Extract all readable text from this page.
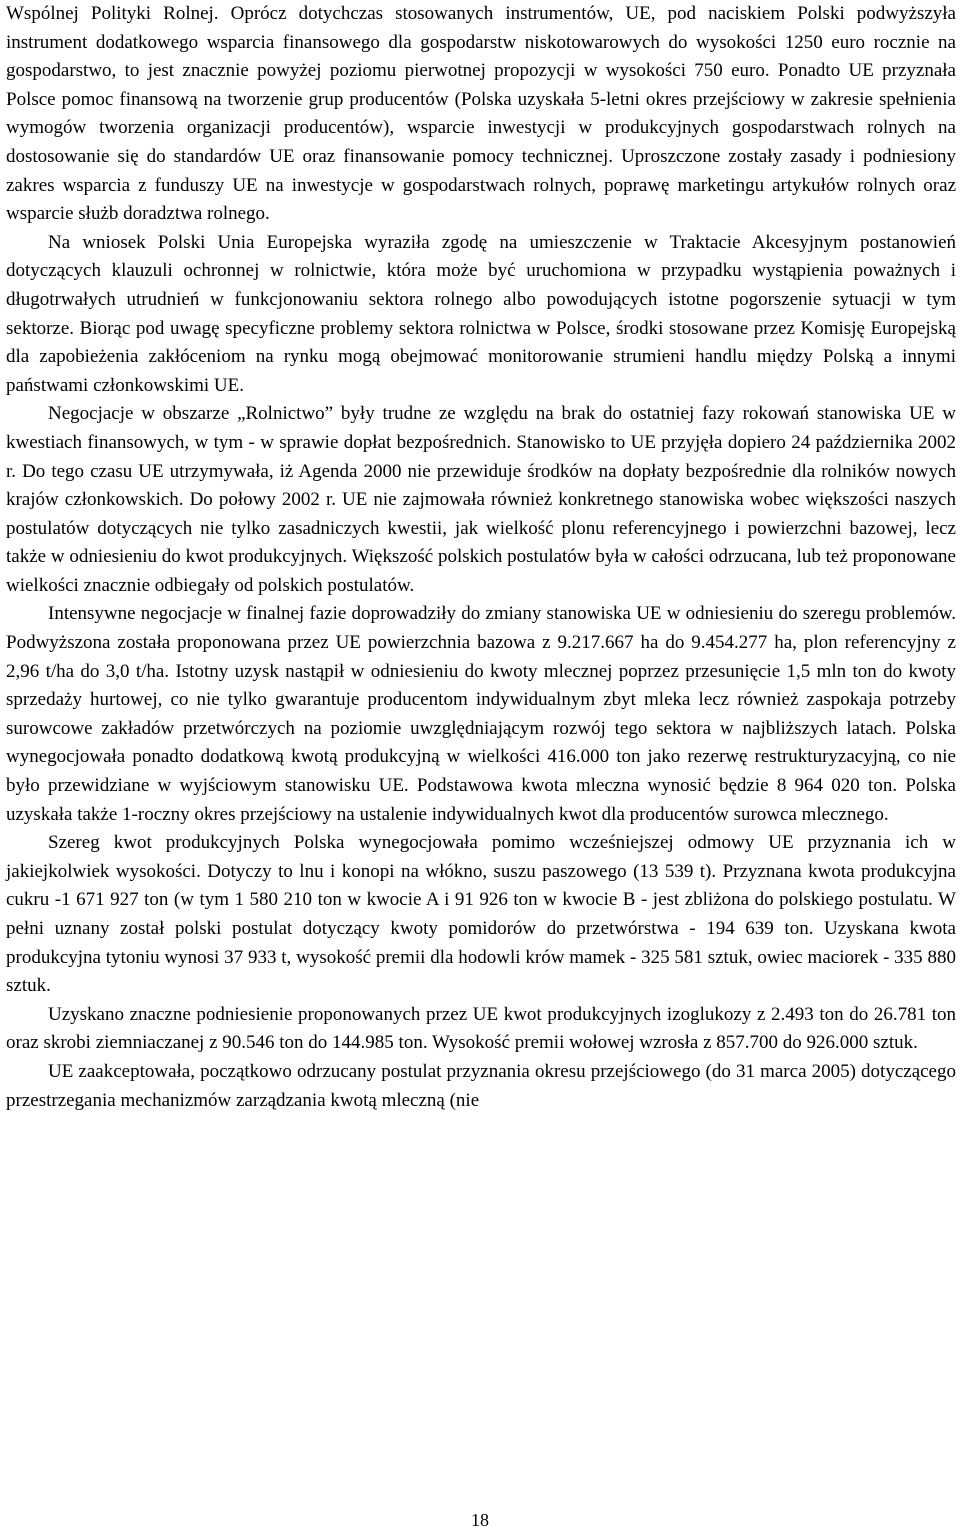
Wspólnej Polityki Rolnej. Oprócz dotychczas stosowanych instrumentów, UE, pod naciskiem Polski podwyższyła instrument dodatkowego wsparcia finansowego dla gospodarstw niskotowarowych do wysokości 1250 euro rocznie na gospodarstwo, to jest znacznie powyżej poziomu pierwotnej propozycji w wysokości 750 euro. Ponadto UE przyznała Polsce pomoc finansową na tworzenie grup producentów (Polska uzyskała 5-letni okres przejściowy w zakresie spełnienia wymogów tworzenia organizacji producentów), wsparcie inwestycji w produkcyjnych gospodarstwach rolnych na dostosowanie się do standardów UE oraz finansowanie pomocy technicznej. Uproszczone zostały zasady i podniesiony zakres wsparcia z funduszy UE na inwestycje w gospodarstwach rolnych, poprawę marketingu artykułów rolnych oraz wsparcie służb doradztwa rolnego.

Na wniosek Polski Unia Europejska wyraziła zgodę na umieszczenie w Traktacie Akcesyjnym postanowień dotyczących klauzuli ochronnej w rolnictwie, która może być uruchomiona w przypadku wystąpienia poważnych i długotrwałych utrudnień w funkcjonowaniu sektora rolnego albo powodujących istotne pogorszenie sytuacji w tym sektorze. Biorąc pod uwagę specyficzne problemy sektora rolnictwa w Polsce, środki stosowane przez Komisję Europejską dla zapobieżenia zakłóceniom na rynku mogą obejmować monitorowanie strumieni handlu między Polską a innymi państwami członkowskimi UE.

Negocjacje w obszarze „Rolnictwo” były trudne ze względu na brak do ostatniej fazy rokowań stanowiska UE w kwestiach finansowych, w tym - w sprawie dopłat bezpośrednich. Stanowisko to UE przyjęła dopiero 24 października 2002 r. Do tego czasu UE utrzymywała, iż Agenda 2000 nie przewiduje środków na dopłaty bezpośrednie dla rolników nowych krajów członkowskich. Do połowy 2002 r. UE nie zajmowała również konkretnego stanowiska wobec większości naszych postulatów dotyczących nie tylko zasadniczych kwestii, jak wielkość plonu referencyjnego i powierzchni bazowej, lecz także w odniesieniu do kwot produkcyjnych. Większość polskich postulatów była w całości odrzucana, lub też proponowane wielkości znacznie odbiegały od polskich postulatów.

Intensywne negocjacje w finalnej fazie doprowadziły do zmiany stanowiska UE w odniesieniu do szeregu problemów. Podwyższona została proponowana przez UE powierzchnia bazowa z 9.217.667 ha do 9.454.277 ha, plon referencyjny z 2,96 t/ha do 3,0 t/ha. Istotny uzysk nastąpił w odniesieniu do kwoty mlecznej poprzez przesunięcie 1,5 mln ton do kwoty sprzedaży hurtowej, co nie tylko gwarantuje producentom indywidualnym zbyt mleka lecz również zaspokaja potrzeby surowcowe zakładów przetwórczych na poziomie uwzględniającym rozwój tego sektora w najbliższych latach. Polska wynegocjowała ponadto dodatkową kwotą produkcyjną w wielkości 416.000 ton jako rezerwę restrukturyzacyjną, co nie było przewidziane w wyjściowym stanowisku UE. Podstawowa kwota mleczna wynosić będzie 8 964 020 ton. Polska uzyskała także 1-roczny okres przejściowy na ustalenie indywidualnych kwot dla producentów surowca mlecznego.

Szereg kwot produkcyjnych Polska wynegocjowała pomimo wcześniejszej odmowy UE przyznania ich w jakiejkolwiek wysokości. Dotyczy to lnu i konopi na włókno, suszu paszowego (13 539 t). Przyznana kwota produkcyjna cukru -1 671 927 ton (w tym 1 580 210 ton w kwocie A i 91 926 ton w kwocie B - jest zbliżona do polskiego postulatu. W pełni uznany został polski postulat dotyczący kwoty pomidorów do przetwórstwa - 194 639 ton. Uzyskana kwota produkcyjna tytoniu wynosi 37 933 t, wysokość premii dla hodowli krów mamek - 325 581 sztuk, owiec maciorek - 335 880 sztuk.

Uzyskano znaczne podniesienie proponowanych przez UE kwot produkcyjnych izoglukozy z 2.493 ton do 26.781 ton oraz skrobi ziemniaczanej z 90.546 ton do 144.985 ton. Wysokość premii wołowej wzrosła z 857.700 do 926.000 sztuk.

UE zaakceptowała, początkowo odrzucany postulat przyznania okresu przejściowego (do 31 marca 2005) dotyczącego przestrzegania mechanizmów zarządzania kwotą mleczną (nie

18
